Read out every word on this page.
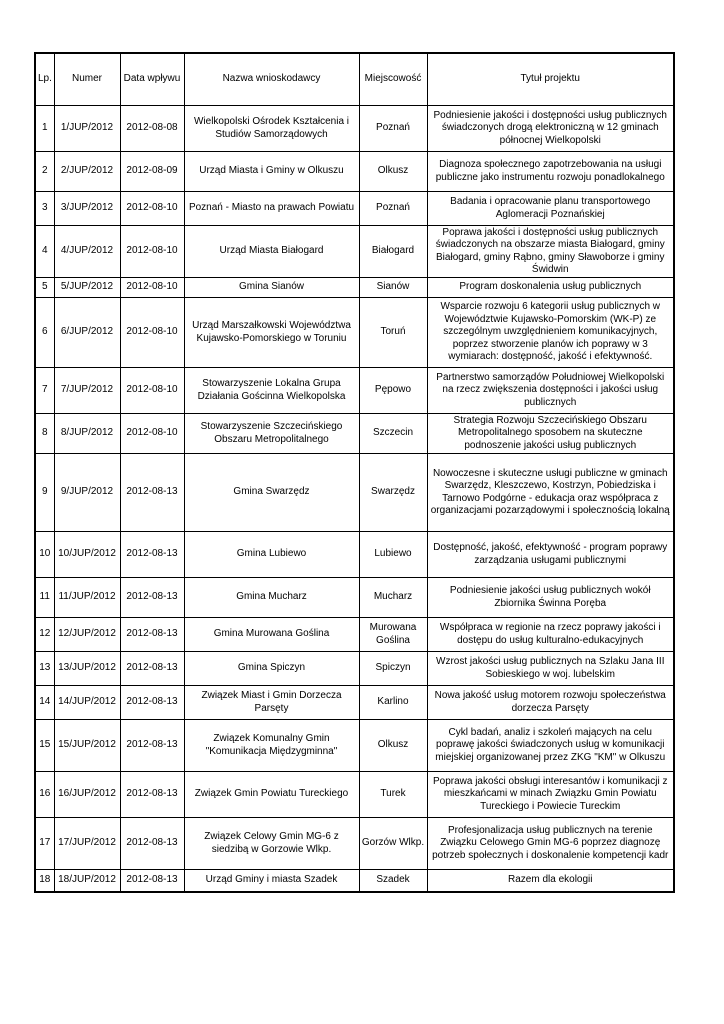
Lp.	Numer	Data wpływu	Nazwa wnioskodawcy	Miejscowość	Tytuł projektu
1	1/JUP/2012	2012-08-08	Wielkopolski Ośrodek Kształcenia i Studiów Samorządowych	Poznań	Podniesienie jakości i dostępności usług publicznych świadczonych drogą elektroniczną w 12 gminach północnej Wielkopolski
2	2/JUP/2012	2012-08-09	Urząd Miasta i Gminy w Olkuszu	Olkusz	Diagnoza społecznego zapotrzebowania na usługi publiczne jako instrumentu rozwoju ponadlokalnego
3	3/JUP/2012	2012-08-10	Poznań - Miasto na prawach Powiatu	Poznań	Badania i opracowanie planu transportowego Aglomeracji Poznańskiej
4	4/JUP/2012	2012-08-10	Urząd Miasta Białogard	Białogard	Poprawa jakości i dostępności usług publicznych świadczonych na obszarze miasta Białogard, gminy Białogard, gminy Rąbno, gminy Sławoborze i gminy Świdwin
5	5/JUP/2012	2012-08-10	Gmina Sianów	Sianów	Program doskonalenia usług publicznych
6	6/JUP/2012	2012-08-10	Urząd Marszałkowski Województwa Kujawsko-Pomorskiego w Toruniu	Toruń	Wsparcie rozwoju 6 kategorii usług publicznych w Województwie Kujawsko-Pomorskim (WK-P) ze szczególnym uwzględnieniem komunikacyjnych, poprzez stworzenie planów ich poprawy w 3 wymiarach: dostępność, jakość i efektywność.
7	7/JUP/2012	2012-08-10	Stowarzyszenie Lokalna Grupa Działania Gościnna Wielkopolska	Pępowo	Partnerstwo samorządów Południowej Wielkopolski na rzecz zwiększenia dostępności i jakości usług publicznych
8	8/JUP/2012	2012-08-10	Stowarzyszenie Szczecińskiego Obszaru Metropolitalnego	Szczecin	Strategia Rozwoju Szczecińskiego Obszaru Metropolitalnego sposobem na skuteczne podnoszenie jakości usług publicznych
9	9/JUP/2012	2012-08-13	Gmina Swarzędz	Swarzędz	Nowoczesne i skuteczne usługi publiczne w gminach Swarzędz, Kleszczewo, Kostrzyn, Pobiedziska i Tarnowo Podgórne - edukacja oraz współpraca z organizacjami pozarządowymi i społecznością lokalną
10	10/JUP/2012	2012-08-13	Gmina Lubiewo	Lubiewo	Dostępność, jakość, efektywność - program poprawy zarządzania usługami publicznymi
11	11/JUP/2012	2012-08-13	Gmina Mucharz	Mucharz	Podniesienie jakości usług publicznych wokół Zbiornika Świnna Poręba
12	12/JUP/2012	2012-08-13	Gmina Murowana Goślina	Murowana Goślina	Współpraca w regionie na rzecz poprawy jakości i dostępu do usług kulturalno-edukacyjnych
13	13/JUP/2012	2012-08-13	Gmina Spiczyn	Spiczyn	Wzrost jakości usług publicznych na Szlaku Jana III Sobieskiego w woj. lubelskim
14	14/JUP/2012	2012-08-13	Związek Miast i Gmin Dorzecza Parsęty	Karlino	Nowa jakość usług motorem rozwoju społeczeństwa dorzecza Parsęty
15	15/JUP/2012	2012-08-13	Związek Komunalny Gmin "Komunikacja Międzygminna"	Olkusz	Cykl badań, analiz i szkoleń mających na celu poprawę jakości świadczonych usług w komunikacji miejskiej organizowanej przez ZKG "KM" w Olkuszu
16	16/JUP/2012	2012-08-13	Związek Gmin Powiatu Tureckiego	Turek	Poprawa jakości obsługi interesantów i komunikacji z mieszkańcami w minach Związku Gmin Powiatu Tureckiego i Powiecie Tureckim
17	17/JUP/2012	2012-08-13	Związek Celowy Gmin MG-6 z siedzibą w Gorzowie Wlkp.	Gorzów Wlkp.	Profesjonalizacja usług publicznych na terenie Związku Celowego Gmin MG-6 poprzez diagnozę potrzeb społecznych i doskonalenie kompetencji kadr
18	18/JUP/2012	2012-08-13	Urząd Gminy i miasta Szadek	Szadek	Razem dla ekologii
